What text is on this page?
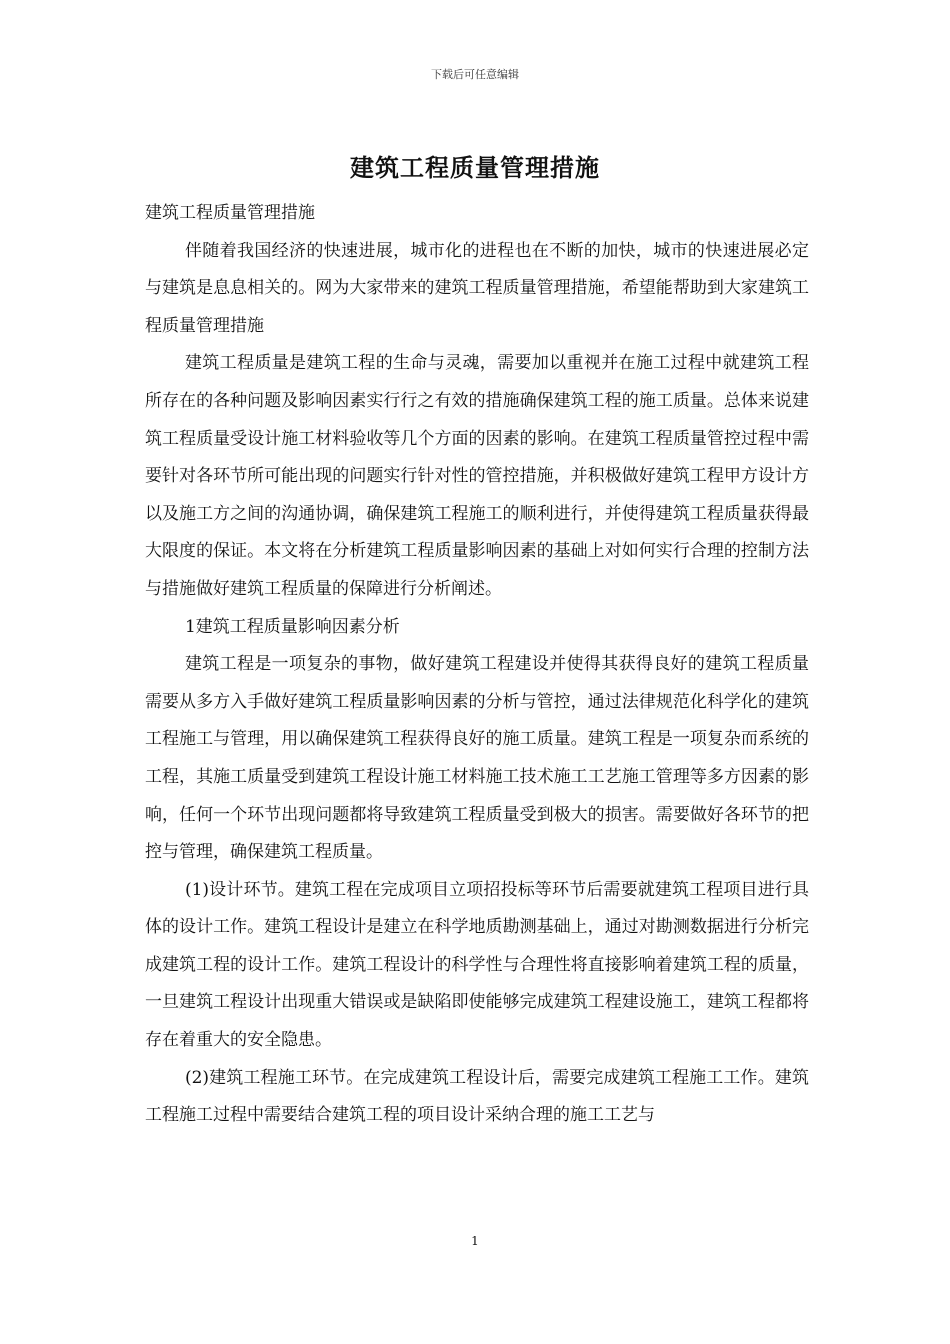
下载后可任意编辑
建筑工程质量管理措施

建筑工程质量管理措施

伴随着我国经济的快速进展，城市化的进程也在不断的加快，城市的快速进展必定与建筑是息息相关的。网为大家带来的建筑工程质量管理措施，希望能帮助到大家建筑工程质量管理措施

建筑工程质量是建筑工程的生命与灵魂，需要加以重视并在施工过程中就建筑工程所存在的各种问题及影响因素实行行之有效的措施确保建筑工程的施工质量。总体来说建筑工程质量受设计施工材料验收等几个方面的因素的影响。在建筑工程质量管控过程中需要针对各环节所可能出现的问题实行针对性的管控措施，并积极做好建筑工程甲方设计方以及施工方之间的沟通协调，确保建筑工程施工的顺利进行，并使得建筑工程质量获得最大限度的保证。本文将在分析建筑工程质量影响因素的基础上对如何实行合理的控制方法与措施做好建筑工程质量的保障进行分析阐述。

1建筑工程质量影响因素分析

建筑工程是一项复杂的事物，做好建筑工程建设并使得其获得良好的建筑工程质量需要从多方入手做好建筑工程质量影响因素的分析与管控，通过法律规范化科学化的建筑工程施工与管理，用以确保建筑工程获得良好的施工质量。建筑工程是一项复杂而系统的工程，其施工质量受到建筑工程设计施工材料施工技术施工工艺施工管理等多方因素的影响，任何一个环节出现问题都将导致建筑工程质量受到极大的损害。需要做好各环节的把控与管理，确保建筑工程质量。

(1)设计环节。建筑工程在完成项目立项招投标等环节后需要就建筑工程项目进行具体的设计工作。建筑工程设计是建立在科学地质勘测基础上，通过对勘测数据进行分析完成建筑工程的设计工作。建筑工程设计的科学性与合理性将直接影响着建筑工程的质量，一旦建筑工程设计出现重大错误或是缺陷即使能够完成建筑工程建设施工，建筑工程都将存在着重大的安全隐患。

(2)建筑工程施工环节。在完成建筑工程设计后，需要完成建筑工程施工工作。建筑工程施工过程中需要结合建筑工程的项目设计采纳合理的施工工艺与

1
